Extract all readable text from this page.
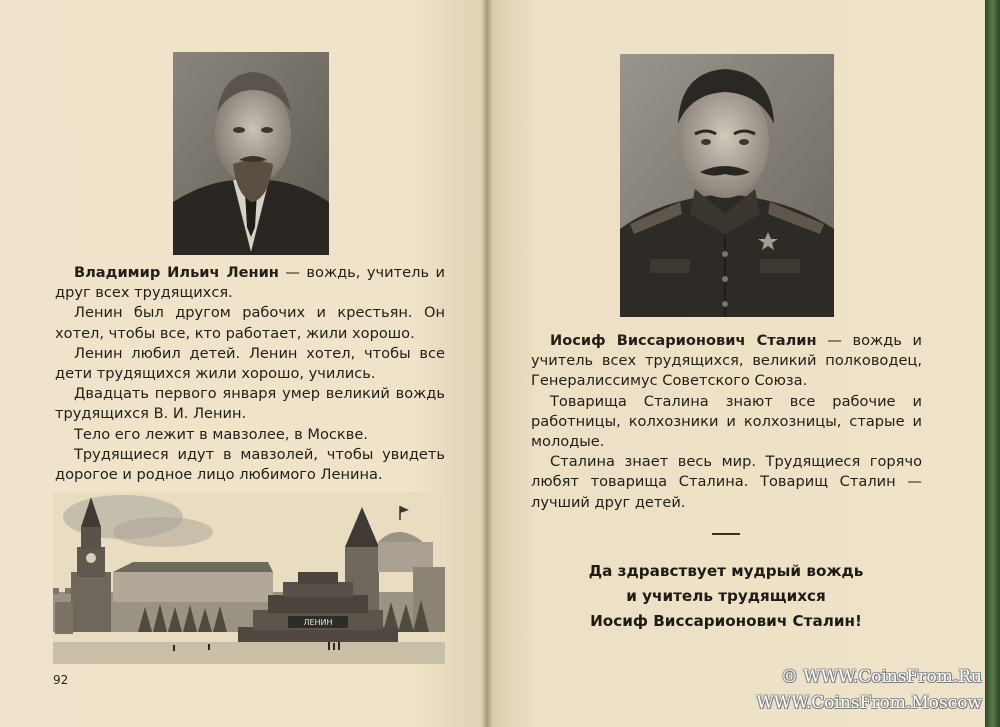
Владимир Ильич Ленин — вождь, учитель и друг всех трудящихся.

Ленин был другом рабочих и крестьян. Он хотел, чтобы все, кто работает, жили хорошо.

Ленин любил детей. Ленин хотел, чтобы все дети трудящихся жили хорошо, учились.

Двадцать первого января умер великий вождь трудящихся В. И. Ленин.

Тело его лежит в мавзолее, в Москве.

Трудящиеся идут в мавзолей, чтобы увидеть дорогое и родное лицо любимого Ленина.

ЛЕНИН
92

Иосиф Виссарионович Сталин — вождь и учитель всех трудящихся, великий полководец, Генералиссимус Советского Союза.

Товарища Сталина знают все рабочие и работницы, колхозники и колхозницы, старые и молодые.

Сталина знает весь мир. Трудящиеся горячо любят товарища Сталина. Товарищ Сталин — лучший друг детей.

Да здравствует мудрый вождь
и учитель трудящихся
Иосиф Виссарионович Сталин!
© WWW.CoinsFrom.Ru
WWW.CoinsFrom.Moscow
